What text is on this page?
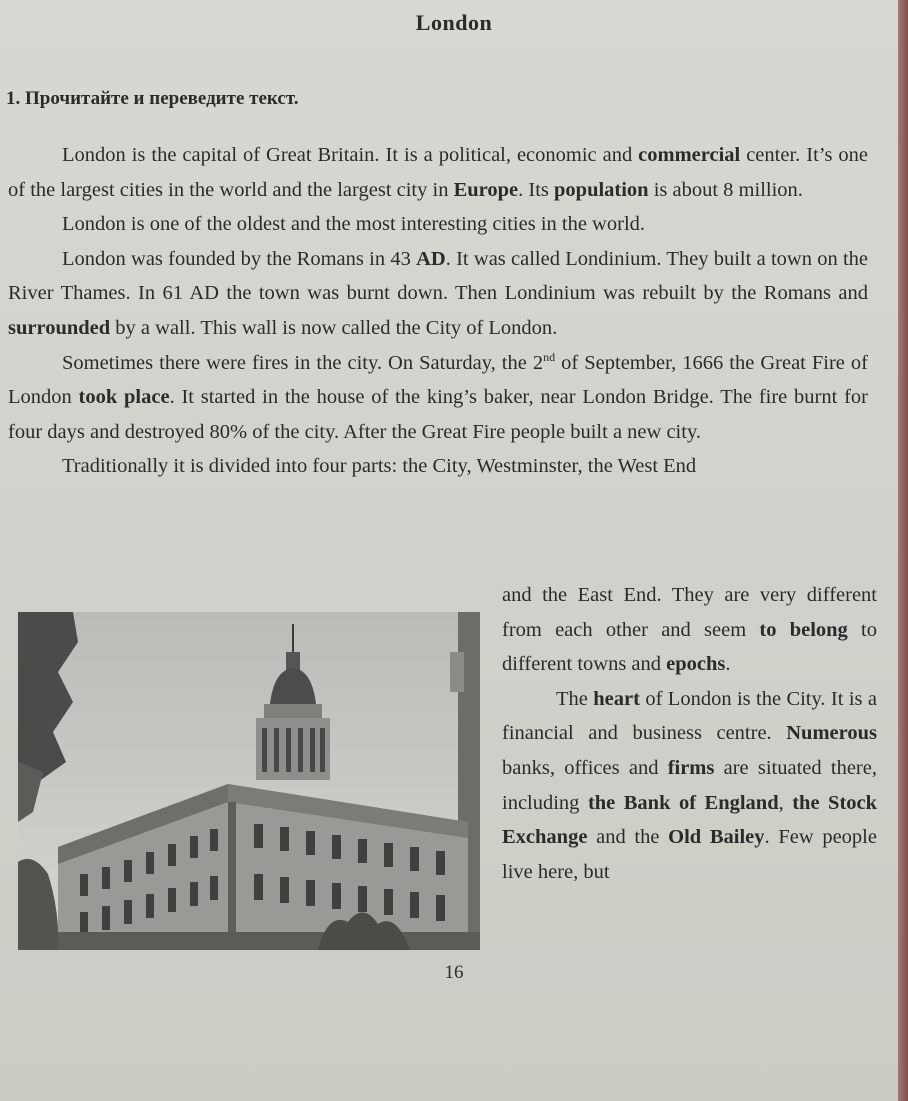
London
1. Прочитайте и переведите текст.

London is the capital of Great Britain. It is a political, economic and commercial center. It’s one of the largest cities in the world and the largest city in Europe. Its population is about 8 million.

London is one of the oldest and the most interesting cities in the world.

London was founded by the Romans in 43 AD. It was called Londinium. They built a town on the River Thames. In 61 AD the town was burnt down. Then Londinium was rebuilt by the Romans and surrounded by a wall. This wall is now called the City of London.

Sometimes there were fires in the city. On Saturday, the 2nd of September, 1666 the Great Fire of London took place. It started in the house of the king’s baker, near London Bridge. The fire burnt for four days and destroyed 80% of the city. After the Great Fire people built a new city.

Traditionally it is divided into four parts: the City, Westminster, the West End

and the East End. They are very different from each other and seem to belong to different towns and epochs.

The heart of London is the City. It is a financial and business centre. Numerous banks, offices and firms are situated there, including the Bank of England, the Stock Exchange and the Old Bailey. Few people live here, but

16
